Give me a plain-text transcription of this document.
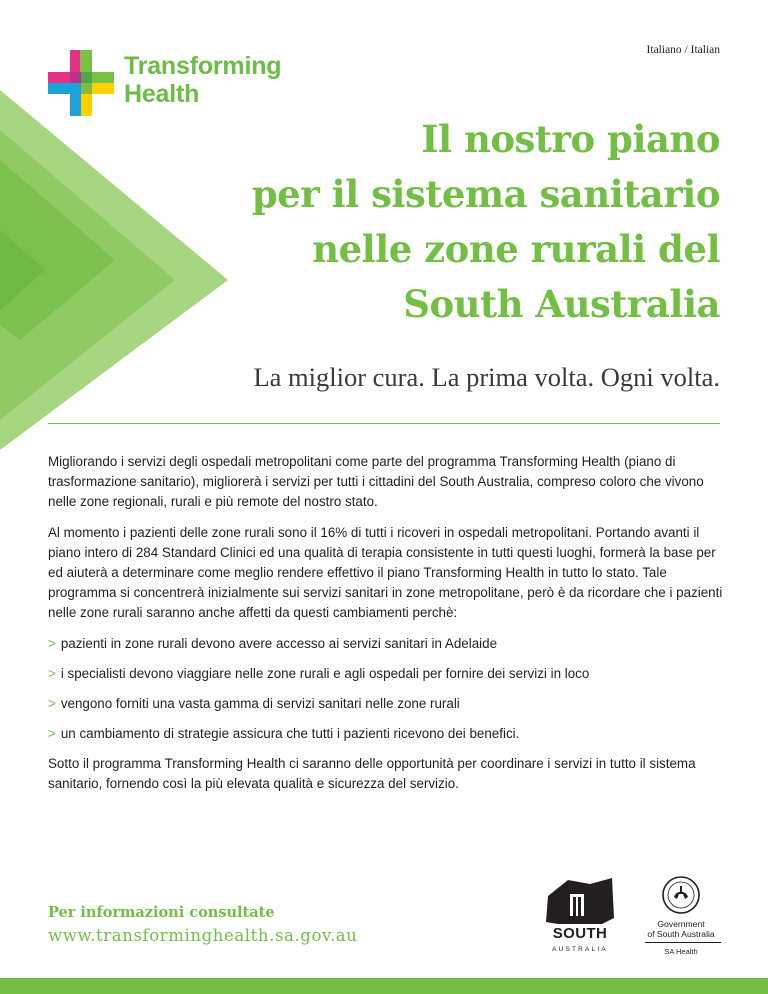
Transforming
Health
Italiano / Italian
Il nostro piano
per il sistema sanitario
nelle zone rurali del
South Australia
La miglior cura. La prima volta. Ogni volta.

Migliorando i servizi degli ospedali metropolitani come parte del programma Transforming Health (piano di trasformazione sanitario), migliorerà i servizi per tutti i cittadini del South Australia, compreso coloro che vivono nelle zone regionali, rurali e più remote del nostro stato.

Al momento i pazienti delle zone rurali sono il 16% di tutti i ricoveri in ospedali metropolitani. Portando avanti il piano intero di 284 Standard Clinici ed una qualità di terapia consistente in tutti questi luoghi, formerà la base per ed aiuterà a determinare come meglio rendere effettivo il piano Transforming Health in tutto lo stato. Tale programma si concentrerà inizialmente sui servizi sanitari in zone metropolitane, però è da ricordare che i pazienti nelle zone rurali saranno anche affetti da questi cambiamenti perchè:

> pazienti in zone rurali devono avere accesso ai servizi sanitari in Adelaide
> i specialisti devono viaggiare nelle zone rurali e agli ospedali per fornire dei servizi in loco
> vengono forniti una vasta gamma di servizi sanitari nelle zone rurali
> un cambiamento di strategie assicura che tutti i pazienti ricevono dei benefici.

Sotto il programma Transforming Health ci saranno delle opportunità per coordinare i servizi in tutto il sistema sanitario, fornendo così la più elevata qualità e sicurezza del servizio.

Per informazioni consultate
www.transforminghealth.sa.gov.au	SOUTH
AUSTRALIA
Government
of South Australia
SA Health
